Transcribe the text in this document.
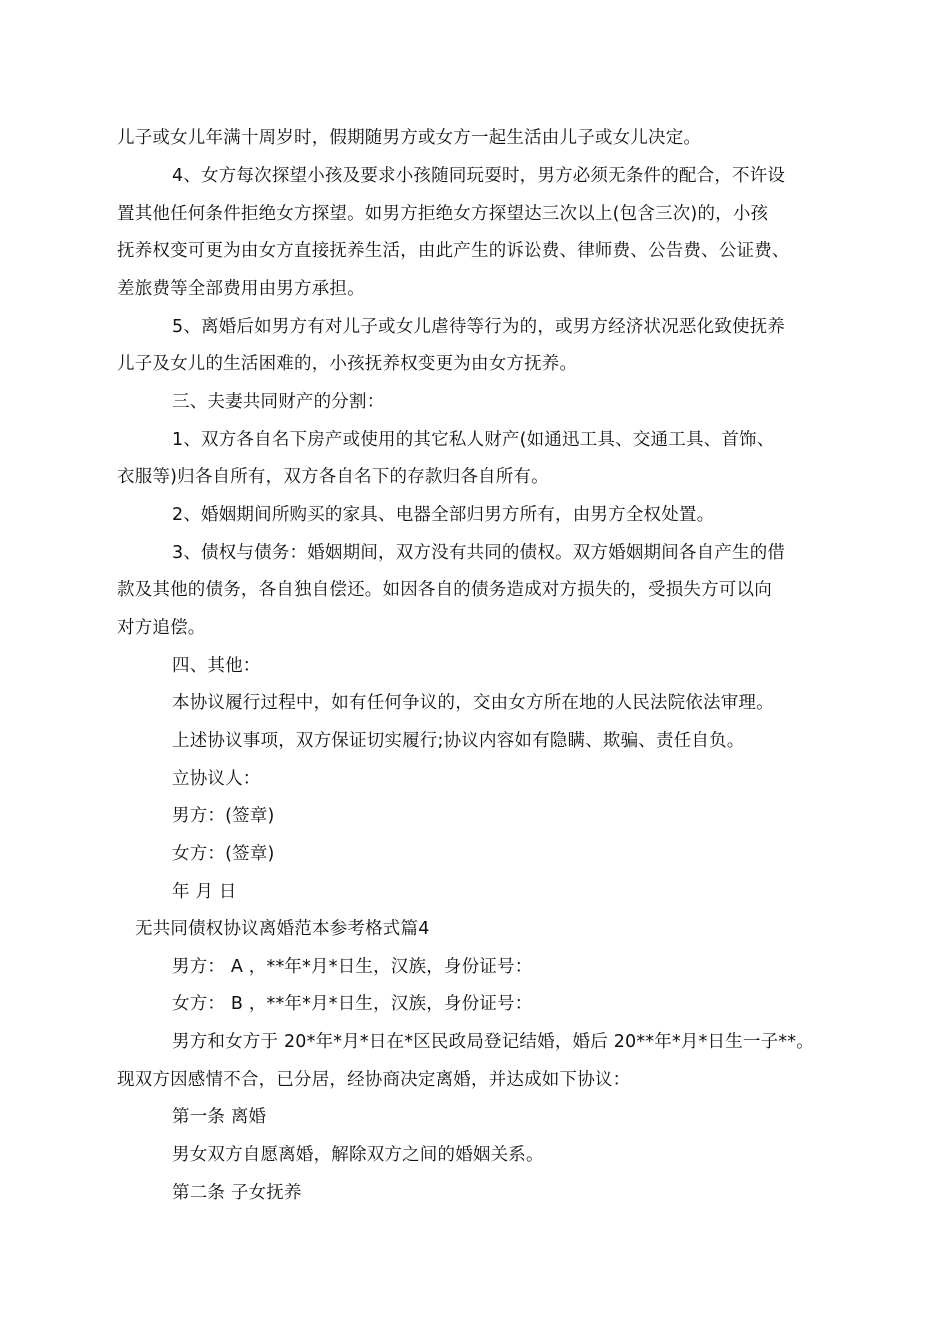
儿子或女儿年满十周岁时，假期随男方或女方一起生活由儿子或女儿决定。
4、女方每次探望小孩及要求小孩随同玩耍时，男方必须无条件的配合，不许设
置其他任何条件拒绝女方探望。如男方拒绝女方探望达三次以上(包含三次)的，小孩
抚养权变可更为由女方直接抚养生活，由此产生的诉讼费、律师费、公告费、公证费、
差旅费等全部费用由男方承担。
5、离婚后如男方有对儿子或女儿虐待等行为的，或男方经济状况恶化致使抚养
儿子及女儿的生活困难的，小孩抚养权变更为由女方抚养。
三、夫妻共同财产的分割：
1、双方各自名下房产或使用的其它私人财产(如通迅工具、交通工具、首饰、
衣服等)归各自所有，双方各自名下的存款归各自所有。
2、婚姻期间所购买的家具、电器全部归男方所有，由男方全权处置。
3、债权与债务：婚姻期间，双方没有共同的债权。双方婚姻期间各自产生的借
款及其他的债务，各自独自偿还。如因各自的债务造成对方损失的，受损失方可以向
对方追偿。
四、其他：
本协议履行过程中，如有任何争议的，交由女方所在地的人民法院依法审理。
上述协议事项，双方保证切实履行;协议内容如有隐瞒、欺骗、责任自负。
立协议人：
男方：(签章)
女方：(签章)
年 月 日
无共同债权协议离婚范本参考格式篇4
男方： A ，**年*月*日生，汉族，身份证号：
女方： B ，**年*月*日生，汉族，身份证号：
男方和女方于 20*年*月*日在*区民政局登记结婚，婚后 20**年*月*日生一子**。
现双方因感情不合，已分居，经协商决定离婚，并达成如下协议：
第一条 离婚
男女双方自愿离婚，解除双方之间的婚姻关系。
第二条 子女抚养
